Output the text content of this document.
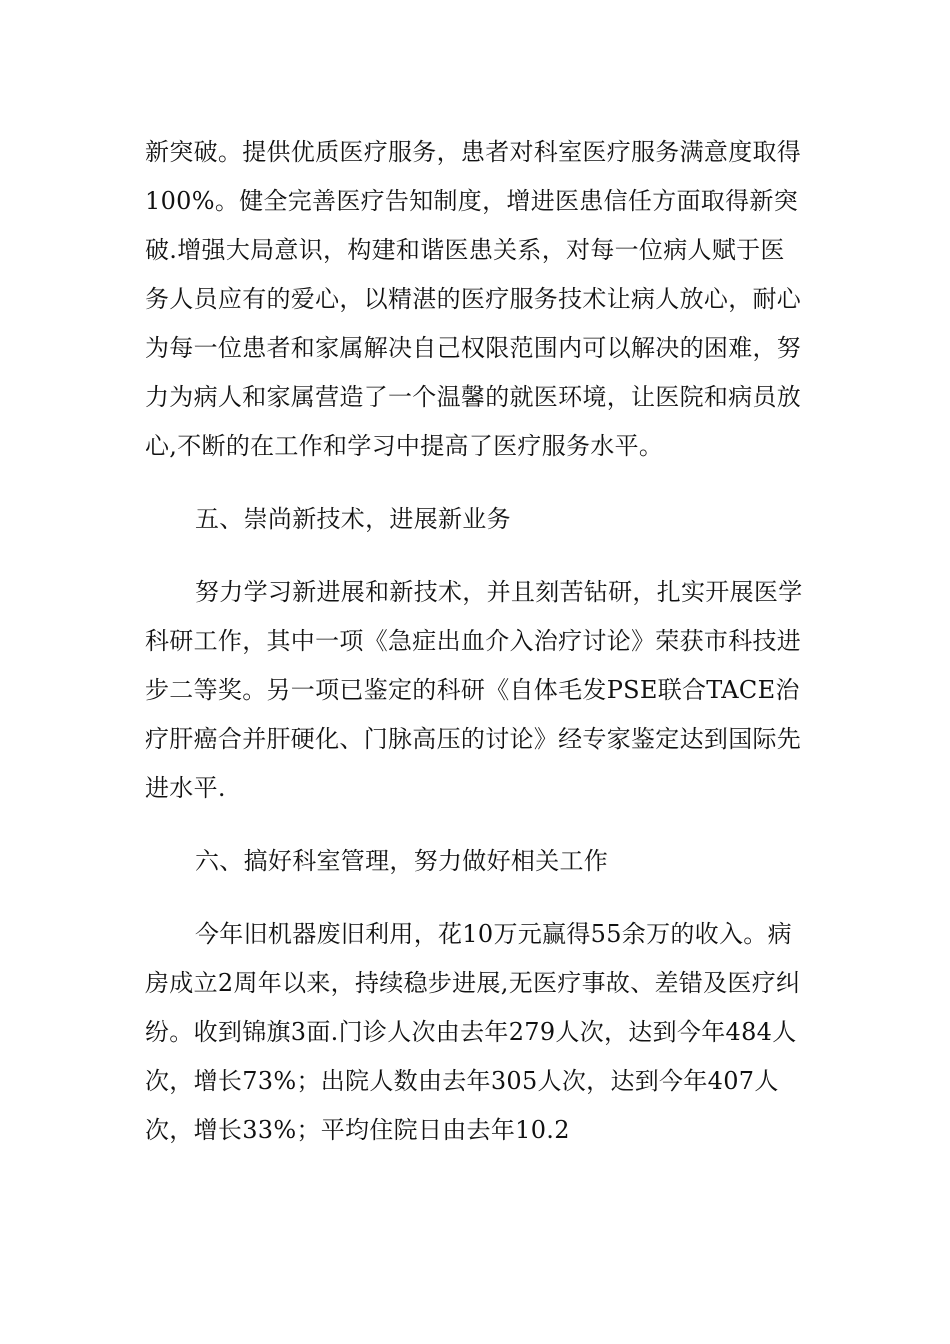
新突破。提供优质医疗服务，患者对科室医疗服务满意度取得100%。健全完善医疗告知制度，增进医患信任方面取得新突破.增强大局意识，构建和谐医患关系，对每一位病人赋于医务人员应有的爱心，以精湛的医疗服务技术让病人放心，耐心为每一位患者和家属解决自己权限范围内可以解决的困难，努力为病人和家属营造了一个温馨的就医环境，让医院和病员放心,不断的在工作和学习中提高了医疗服务水平。

五、崇尚新技术，进展新业务

努力学习新进展和新技术，并且刻苦钻研，扎实开展医学科研工作，其中一项《急症出血介入治疗讨论》荣获市科技进步二等奖。另一项已鉴定的科研《自体毛发PSE联合TACE治疗肝癌合并肝硬化、门脉高压的讨论》经专家鉴定达到国际先进水平.

六、搞好科室管理，努力做好相关工作

今年旧机器废旧利用，花10万元赢得55余万的收入。病房成立2周年以来，持续稳步进展,无医疗事故、差错及医疗纠纷。收到锦旗3面.门诊人次由去年279人次，达到今年484人次，增长73%；出院人数由去年305人次，达到今年407人次，增长33%；平均住院日由去年10.2
